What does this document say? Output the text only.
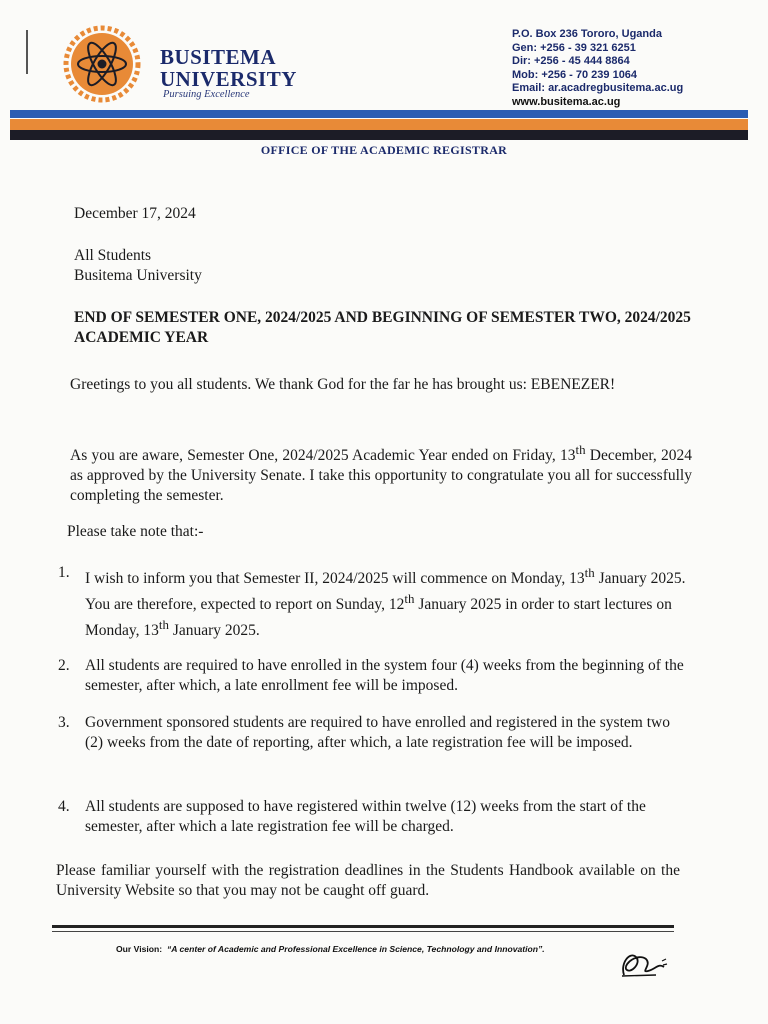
BUSITEMA
UNIVERSITY
Pursuing Excellence
P.O. Box 236 Tororo, Uganda
Gen: +256 - 39 321 6251
Dir: +256 - 45 444 8864
Mob: +256 - 70 239 1064
Email: ar.acadregbusitema.ac.ug
www.busitema.ac.ug
OFFICE OF THE ACADEMIC REGISTRAR
December 17, 2024
All Students
Busitema University
END OF SEMESTER ONE, 2024/2025 AND BEGINNING OF SEMESTER TWO, 2024/2025 ACADEMIC YEAR
Greetings to you all students. We thank God for the far he has brought us: EBENEZER!
As you are aware, Semester One, 2024/2025 Academic Year ended on Friday, 13th December, 2024 as approved by the University Senate. I take this opportunity to congratulate you all for successfully completing the semester.
Please take note that:-
1. I wish to inform you that Semester II, 2024/2025 will commence on Monday, 13th January 2025. You are therefore, expected to report on Sunday, 12th January 2025 in order to start lectures on Monday, 13th January 2025.
2. All students are required to have enrolled in the system four (4) weeks from the beginning of the semester, after which, a late enrollment fee will be imposed.
3. Government sponsored students are required to have enrolled and registered in the system two (2) weeks from the date of reporting, after which, a late registration fee will be imposed.
4. All students are supposed to have registered within twelve (12) weeks from the start of the semester, after which a late registration fee will be charged.
Please familiar yourself with the registration deadlines in the Students Handbook available on the University Website so that you may not be caught off guard.
Our Vision: “A center of Academic and Professional Excellence in Science, Technology and Innovation”.
